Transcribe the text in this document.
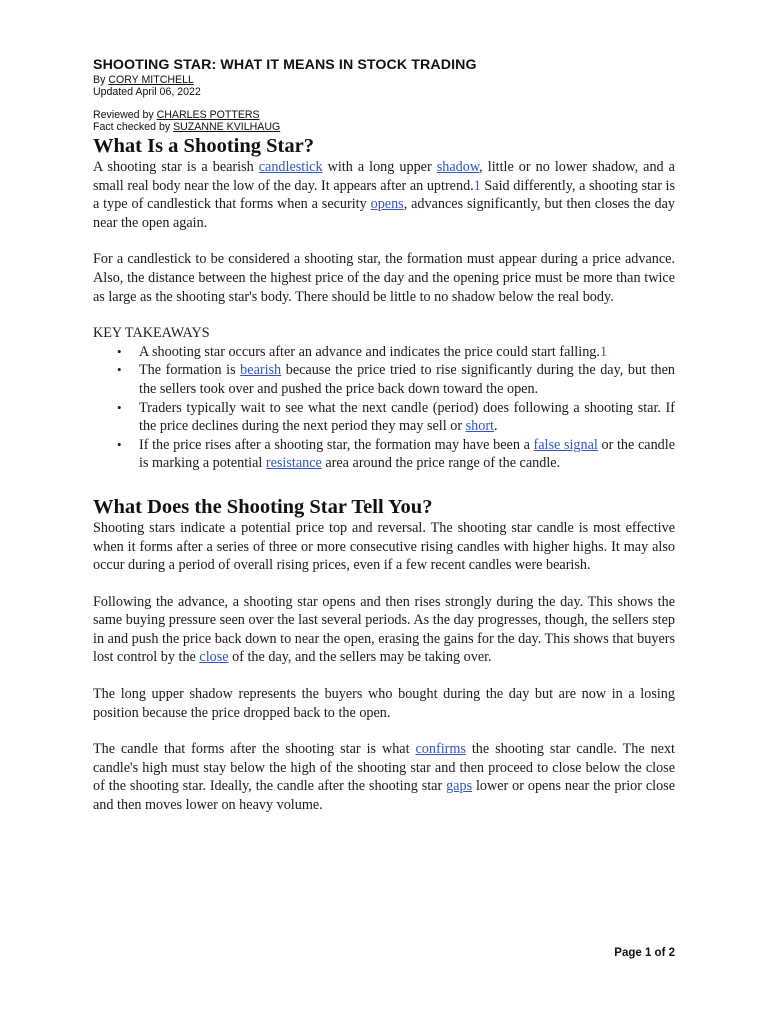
SHOOTING STAR: WHAT IT MEANS IN STOCK TRADING
By CORY MITCHELL
Updated April 06, 2022
Reviewed by CHARLES POTTERS
Fact checked by SUZANNE KVILHAUG
What Is a Shooting Star?

A shooting star is a bearish candlestick with a long upper shadow, little or no lower shadow, and a small real body near the low of the day. It appears after an uptrend.1 Said differently, a shooting star is a type of candlestick that forms when a security opens, advances significantly, but then closes the day near the open again.

For a candlestick to be considered a shooting star, the formation must appear during a price advance. Also, the distance between the highest price of the day and the opening price must be more than twice as large as the shooting star's body. There should be little to no shadow below the real body.

KEY TAKEAWAYS
• A shooting star occurs after an advance and indicates the price could start falling.1
• The formation is bearish because the price tried to rise significantly during the day, but then the sellers took over and pushed the price back down toward the open.
• Traders typically wait to see what the next candle (period) does following a shooting star. If the price declines during the next period they may sell or short.
• If the price rises after a shooting star, the formation may have been a false signal or the candle is marking a potential resistance area around the price range of the candle.
What Does the Shooting Star Tell You?

Shooting stars indicate a potential price top and reversal. The shooting star candle is most effective when it forms after a series of three or more consecutive rising candles with higher highs. It may also occur during a period of overall rising prices, even if a few recent candles were bearish.

Following the advance, a shooting star opens and then rises strongly during the day. This shows the same buying pressure seen over the last several periods. As the day progresses, though, the sellers step in and push the price back down to near the open, erasing the gains for the day. This shows that buyers lost control by the close of the day, and the sellers may be taking over.

The long upper shadow represents the buyers who bought during the day but are now in a losing position because the price dropped back to the open.

The candle that forms after the shooting star is what confirms the shooting star candle. The next candle's high must stay below the high of the shooting star and then proceed to close below the close of the shooting star. Ideally, the candle after the shooting star gaps lower or opens near the prior close and then moves lower on heavy volume.

Page 1 of 2
